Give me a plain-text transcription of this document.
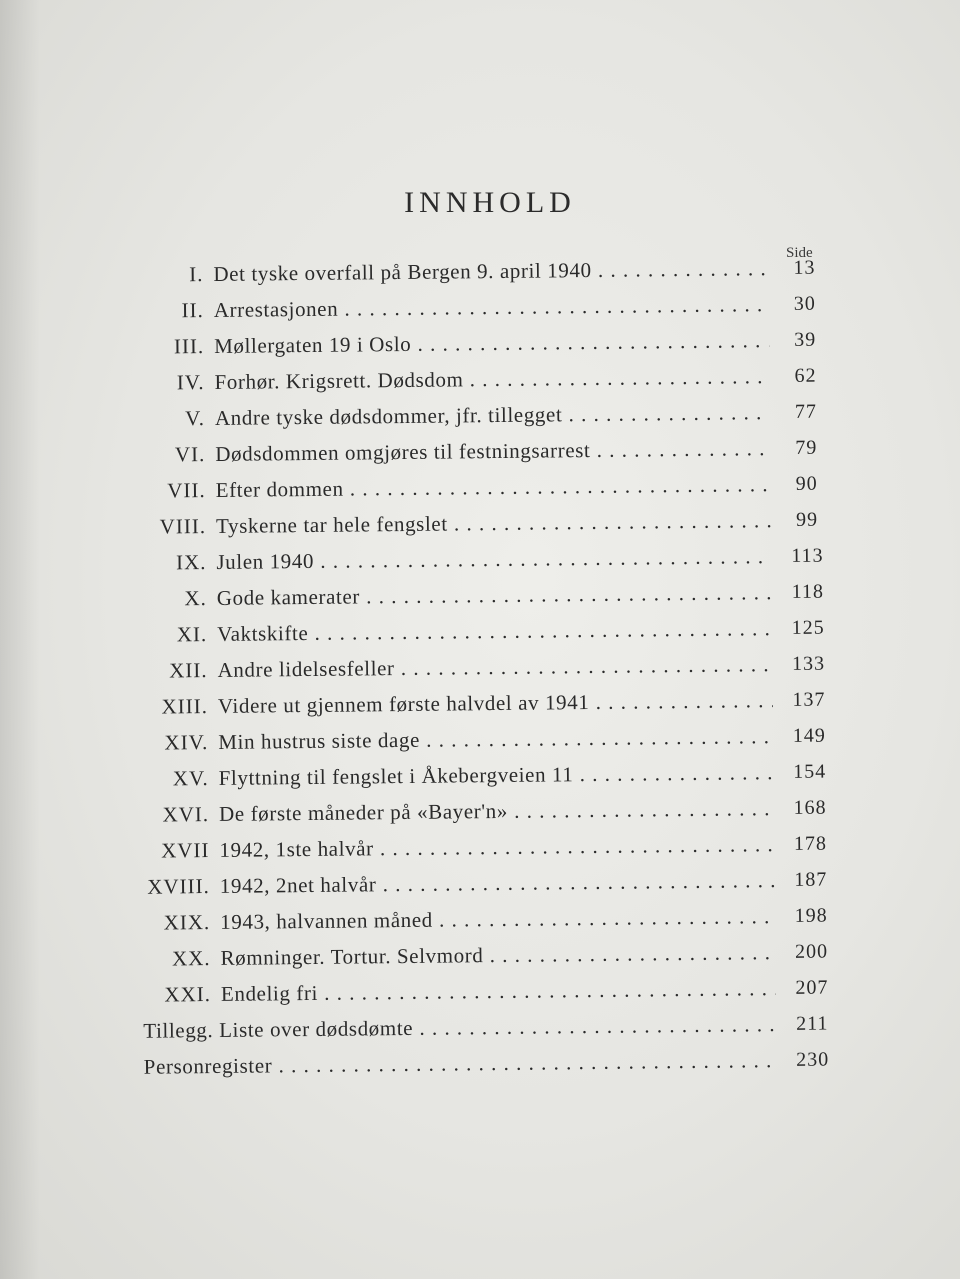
INNHOLD
Side
I. Det tyske overfall på Bergen 9. april 1940 . . .	13
II. Arrestasjonen . . .	30
III. Møllergaten 19 i Oslo . . .	39
IV. Forhør. Krigsrett. Dødsdom . . .	62
V. Andre tyske dødsdommer, jfr. tillegget . . .	77
VI. Dødsdommen omgjøres til festningsarrest . . .	79
VII. Efter dommen . . .	90
VIII. Tyskerne tar hele fengslet . . .	99
IX. Julen 1940 . . .	113
X. Gode kamerater . . .	118
XI. Vaktskifte . . .	125
XII. Andre lidelsesfeller . . .	133
XIII. Videre ut gjennem første halvdel av 1941 . . .	137
XIV. Min hustrus siste dage . . .	149
XV. Flyttning til fengslet i Åkebergveien 11 . . .	154
XVI. De første måneder på «Bayer'n» . . .	168
XVII 1942, 1ste halvår . . .	178
XVIII. 1942, 2net halvår . . .	187
XIX. 1943, halvannen måned . . .	198
XX. Rømninger. Tortur. Selvmord . . .	200
XXI. Endelig fri . . .	207
Tillegg. Liste over dødsdømte . . .	211
Personregister . . .	230
